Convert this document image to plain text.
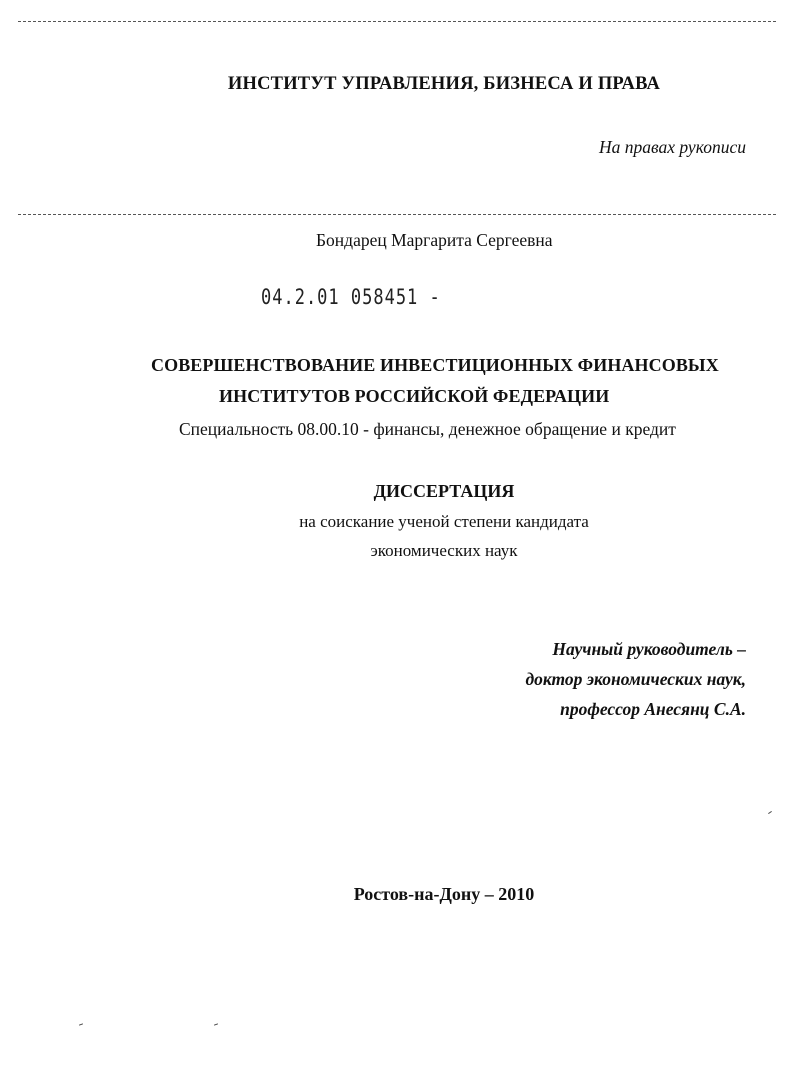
ИНСТИТУТ УПРАВЛЕНИЯ, БИЗНЕСА И ПРАВА
На правах рукописи
Бондарец Маргарита Сергеевна
04.2.01 058451 -
СОВЕРШЕНСТВОВАНИЕ ИНВЕСТИЦИОННЫХ ФИНАНСОВЫХ
ИНСТИТУТОВ РОССИЙСКОЙ ФЕДЕРАЦИИ
Специальность 08.00.10 - финансы, денежное обращение и кредит
ДИССЕРТАЦИЯ
на соискание ученой степени кандидата
экономических наук
Научный руководитель –
доктор экономических наук,
профессор Анесянц С.А.
Ростов-на-Дону – 2010
